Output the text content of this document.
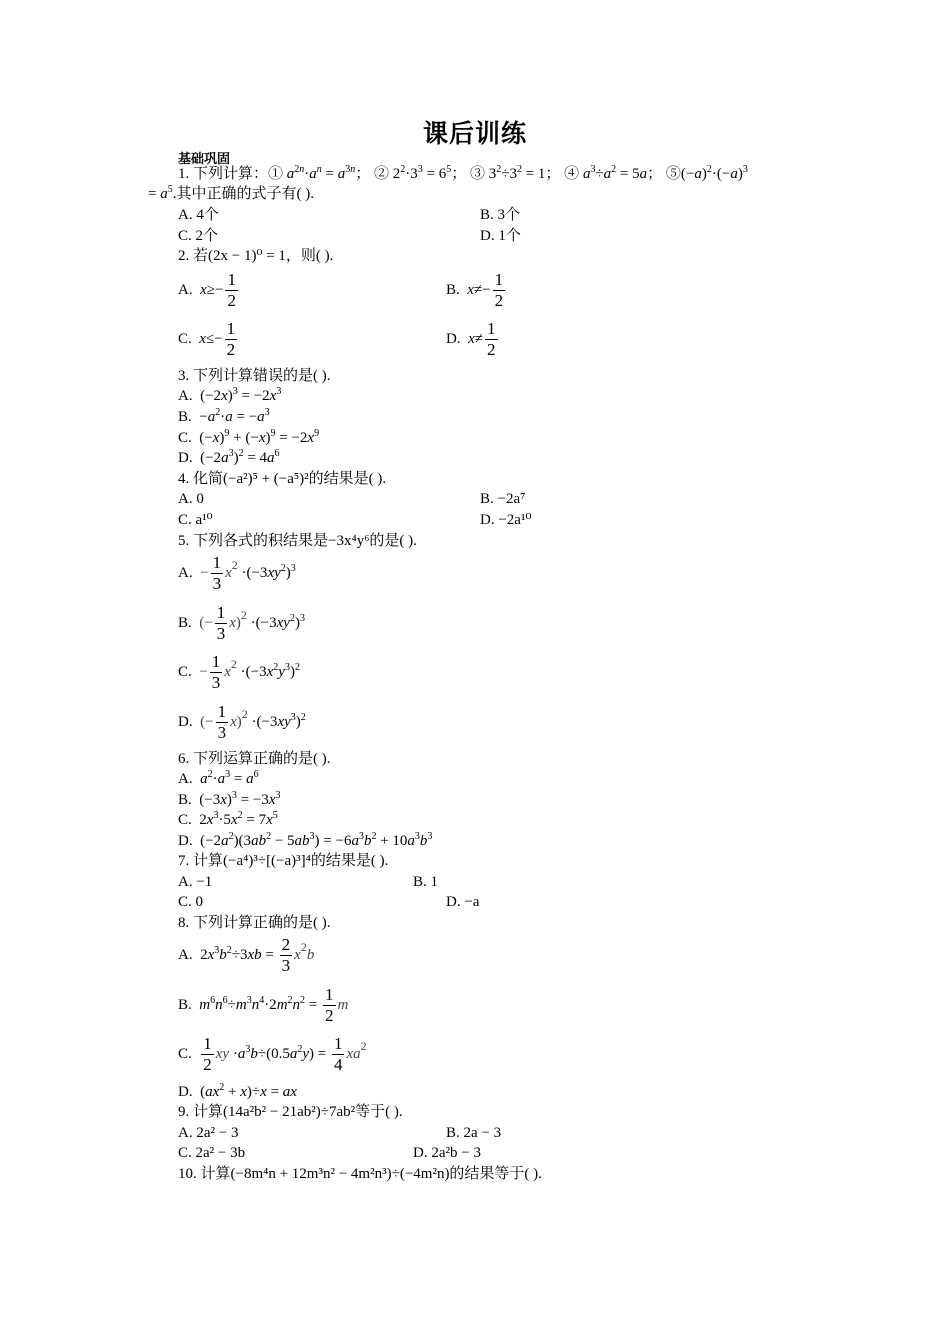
课后训练
基础巩固
1. 下列计算：① $a^{2n}\cdot a^n = a^{3n}$； ② $2^2\cdot 3^3 = 6^5$； ③ $3^2\div 3^2 = 1$； ④ $a^3\div a^2 = 5a$； $⑤(-a)^2\cdot(-a)^3$
= $a^5$.其中正确的式子有( ).
A. 4个	B. 3个
C. 2个	D. 1个
2. 若(2x − 1)⁰ = 1，则( ).
A. $x\ge- \frac{1}{2}$	B. $x\ne- \frac{1}{2}$
C. $x\le- \frac{1}{2}$	D. $x\ne \frac{1}{2}$
3. 下列计算错误的是( ).
A.  $(-2x)^3 = -2x^3$
B.  $-a^2\cdot a = -a^3$
C.  $(-x)^9 + (-x)^9 = -2x^9$
D.  $(-2a^3)^2 = 4a^6$
4. 化简(−a²)⁵ + (−a⁵)²的结果是( ).
A. 0	B. −2a⁷
C. a¹⁰	D. −2a¹⁰
5. 下列各式的积结果是−3x⁴y⁶的是( ).
A. − $\frac{1}{3} x^2 \cdot(-3xy^2)^3$
B. (− $\frac{1}{3} x)^2 \cdot(-3xy^2)^3$
C. − $\frac{1}{3} x^2 \cdot(-3x^2y^3)^2$
D. (− $\frac{1}{3} x)^2 \cdot(-3xy^3)^2$
6. 下列运算正确的是( ).
A. $a^2\cdot a^3 = a^6$
B.  $(-3x)^3 = -3x^3$
C.  $2x^3\cdot 5x^2 = 7x^5$
D.  $(-2a^2)(3ab^2 - 5ab^3) = -6a^3b^2 + 10a^3b^3$
7. 计算(−a⁴)³÷[(−a)³]⁴的结果是( ).
A. −1	B. 1
C. 0	D. −a
8. 下列计算正确的是( ).
A.  $2x^3b^2\div 3xb = \frac{2}{3} x^2b$
B. $m^6n^6\div m^3n^4\cdot 2m^2n^2 = \frac{1}{2}$ m
C. $\frac{1}{2}$ xy $\cdot a^3b\div(0.5a^2y) = \frac{1}{4} xa^2$
D.  $(ax^2 + x)\div x$ = ax
9. 计算(14a²b² − 21ab²)÷7ab²等于( ).
A. 2a² − 3	B. 2a − 3
C. 2a² − 3b	D. 2a²b − 3
10. 计算(−8m⁴n + 12m³n² − 4m²n³)÷(−4m²n)的结果等于( ).
